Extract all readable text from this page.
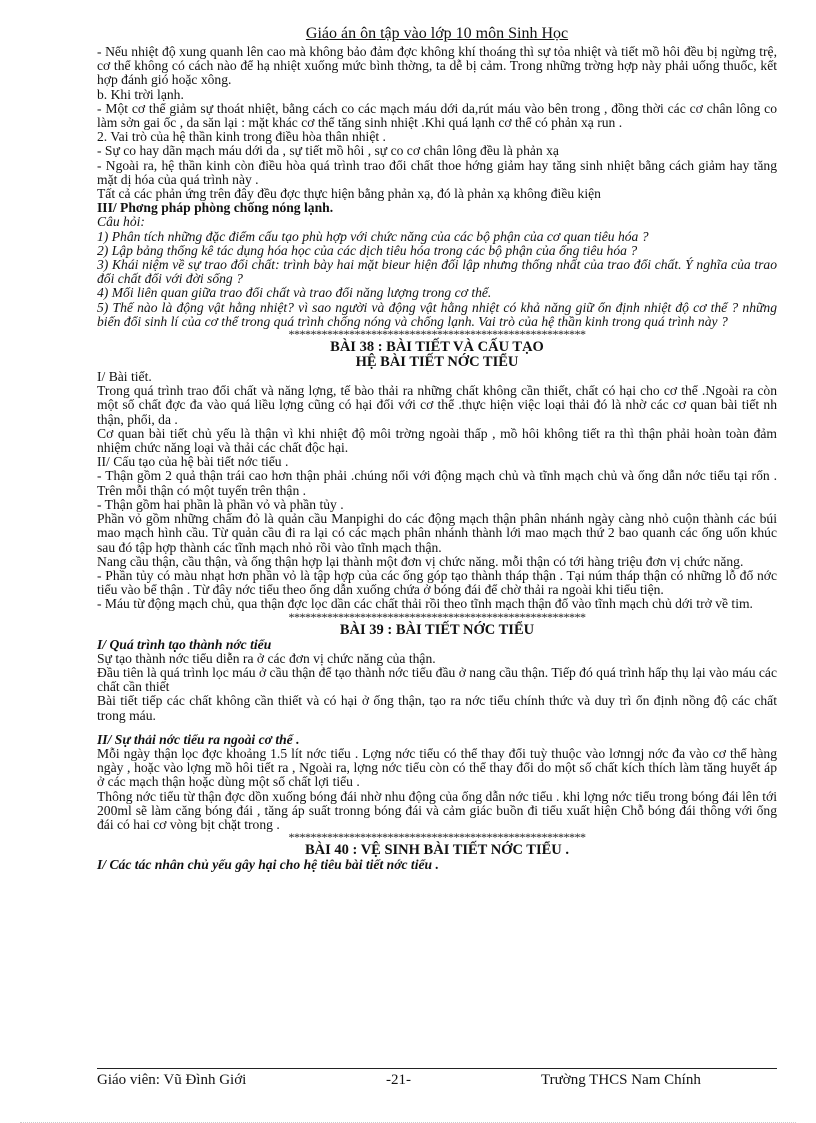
Giáo án ôn tập vào lớp 10 môn Sinh Học

- Nếu nhiệt độ xung quanh lên cao mà không bảo đảm đợc không khí thoáng thì sự tỏa nhiệt và tiết mồ hôi đều bị ngừng trệ, cơ thể không có cách nào để hạ nhiệt xuống mức bình thờng, ta dễ bị cảm. Trong những trờng hợp này phải uống thuốc, kết hợp đánh gió hoặc xông.

b. Khi trời lạnh.

- Một cơ thể giảm sự thoát nhiệt, bằng cách co các mạch máu dới da,rút máu vào bên trong , đồng thời các cơ chân lông co làm sởn gai ốc , da săn lại : mặt khác cơ thể tăng sinh nhiệt .Khi quá lạnh cơ thể có phản xạ run .

2. Vai trò của hệ thần kinh trong điều hòa thân nhiệt .

- Sự co hay dãn mạch máu dới da , sự tiết mồ hôi , sự co cơ chân lông đều là phản xạ

- Ngoài ra, hệ thần kinh còn điều hòa quá trình trao đổi chất thoe hớng giảm hay tăng sinh nhiệt bằng cách giảm hay tăng mặt dị hóa của quá trình này .

Tất cả các phản ứng trên đây đều đợc thực hiện bằng phản xạ, đó là phản xạ không điều kiện

III/ Phơng pháp phòng chống nóng lạnh.

Câu hỏi:

1) Phân tích những đặc điểm cấu tạo phù hợp với chức năng của các bộ phận của cơ quan tiêu hóa ?

2) Lập bảng thống kê tác dụng hóa học của các dịch tiêu hóa trong các bộ phận của ống tiêu hóa ?

3) Khái niệm về sự trao đổi chất: trình bày hai mặt bieur hiện đối lập nhưng thống nhất của trao đổi chất. Ý nghĩa của trao đổi chất đối với đời sống ?

4) Mối liên quan giữa trao đổi chất và trao đổi năng lượng trong cơ thể.

5) Thế nào là động vật hằng nhiệt? vì sao người và động vật hằng nhiệt có khả năng giữ ổn định nhiệt độ cơ thể ? những biến đổi sinh lí của cơ thể trong quá trình chống nóng và chống lạnh. Vai trò của hệ thần kinh trong quá trình này ?

******************************************************

BÀI 38 : BÀI TIẾT VÀ CẤU TẠO

HỆ BÀI TIẾT NỚC TIỂU

I/ Bài tiết.

Trong quá trình trao đổi chất và năng lợng, tế bào thải ra những chất không cần thiết, chất có hại cho cơ thể .Ngoài ra còn một số chất đợc đa vào quá liều lợng cũng có hại đối với cơ thể .thực hiện việc loại thải đó là nhờ các cơ quan bài tiết nh thận, phổi, da .

Cơ quan bài tiết chủ yếu là thận vì khi nhiệt độ môi trờng ngoài thấp , mồ hôi không tiết ra thì thận phải hoàn toàn đảm nhiệm chức năng loại và thải các chất độc hại.

II/ Cấu tạo của hệ bài tiết nớc tiểu .

- Thận gồm 2 quả thận trái cao hơn thận phải .chúng nối với động mạch chủ và tĩnh mạch chủ và ống dẫn nớc tiểu tại rốn . Trên mỗi thận có một tuyến trên thận .

- Thận gồm hai phần là phần vỏ và phần tủy .

Phần vỏ gồm những chấm đỏ là quản cầu Manpighi do các động mạch thận phân nhánh ngày càng nhỏ cuộn thành các búi mao mạch hình cầu. Từ quản cầu đi ra lại có các mạch phân nhánh thành lới mao mạch thứ 2 bao quanh các ống uốn khúc sau đó tập hợp thành các tĩnh mạch nhỏ rồi vào tĩnh mạch thận.

Nang cầu thận, cầu thận, và ống thận hợp lại thành một đơn vị chức năng. mỗi thận có tới hàng triệu đơn vị chức năng.

- Phần tủy có màu nhạt hơn phần vỏ là tập hợp của các ống góp tạo thành tháp thận . Tại núm tháp thận có những lỗ đổ nớc tiểu vào bể thận . Từ đây nớc tiểu theo ống dẫn xuống chứa ở bóng đái để chờ thải ra ngoài khi tiểu tiện.

- Máu từ động mạch chủ, qua thận đợc lọc dần các chất thải rồi theo tĩnh mạch thận đổ vào tĩnh mạch chủ dới trở về tim.

******************************************************

BÀI 39 : BÀI TIẾT NỚC TIỂU

I/ Quá trình tạo thành nớc tiểu

Sự tạo thành nớc tiểu diễn ra ở các đơn vị chức năng của thận.

Đầu tiên là quá trình lọc máu ở cầu thận để tạo thành nớc tiểu đầu ở nang cầu thận. Tiếp đó quá trình hấp thụ lại vào máu các chất cần thiết

Bài tiết tiếp các chất không cần thiết và có hại ở ống thận, tạo ra nớc tiểu chính thức và duy trì ổn định nồng độ các chất trong máu.

II/ Sự thải nớc tiểu ra ngoài cơ thể .

Mỗi ngày thận lọc đợc khoảng 1.5 lít nớc tiểu . Lợng nớc tiểu có thể thay đổi tuỳ thuộc vào lơnngj nớc đa vào cơ thể hàng ngày , hoặc vào lợng mồ hôi tiết ra , Ngoài ra, lợng nớc tiểu còn có thể thay đổi do một số chất kích thích làm tăng huyết áp ở các mạch thận hoặc dùng một số chất lợi tiểu .

Thông nớc tiểu từ thận đợc dồn xuống bóng đái nhờ nhu động của ống dẫn nớc tiểu . khi lợng nớc tiểu trong bóng đái lên tới 200ml sẽ làm căng bóng đái , tăng áp suất tronng bóng đái và cảm giác buồn đi tiểu xuất hiện Chỗ bóng đái thông với ống đái có hai cơ vòng bịt chặt trong .

******************************************************

BÀI 40 : VỆ SINH BÀI TIẾT NỚC TIỂU .

I/ Các tác nhân chủ yếu gây hại cho hệ tiêu bài tiết nớc tiểu .

Giáo viên: Vũ Đình Giới	-21-	Trường THCS Nam Chính
